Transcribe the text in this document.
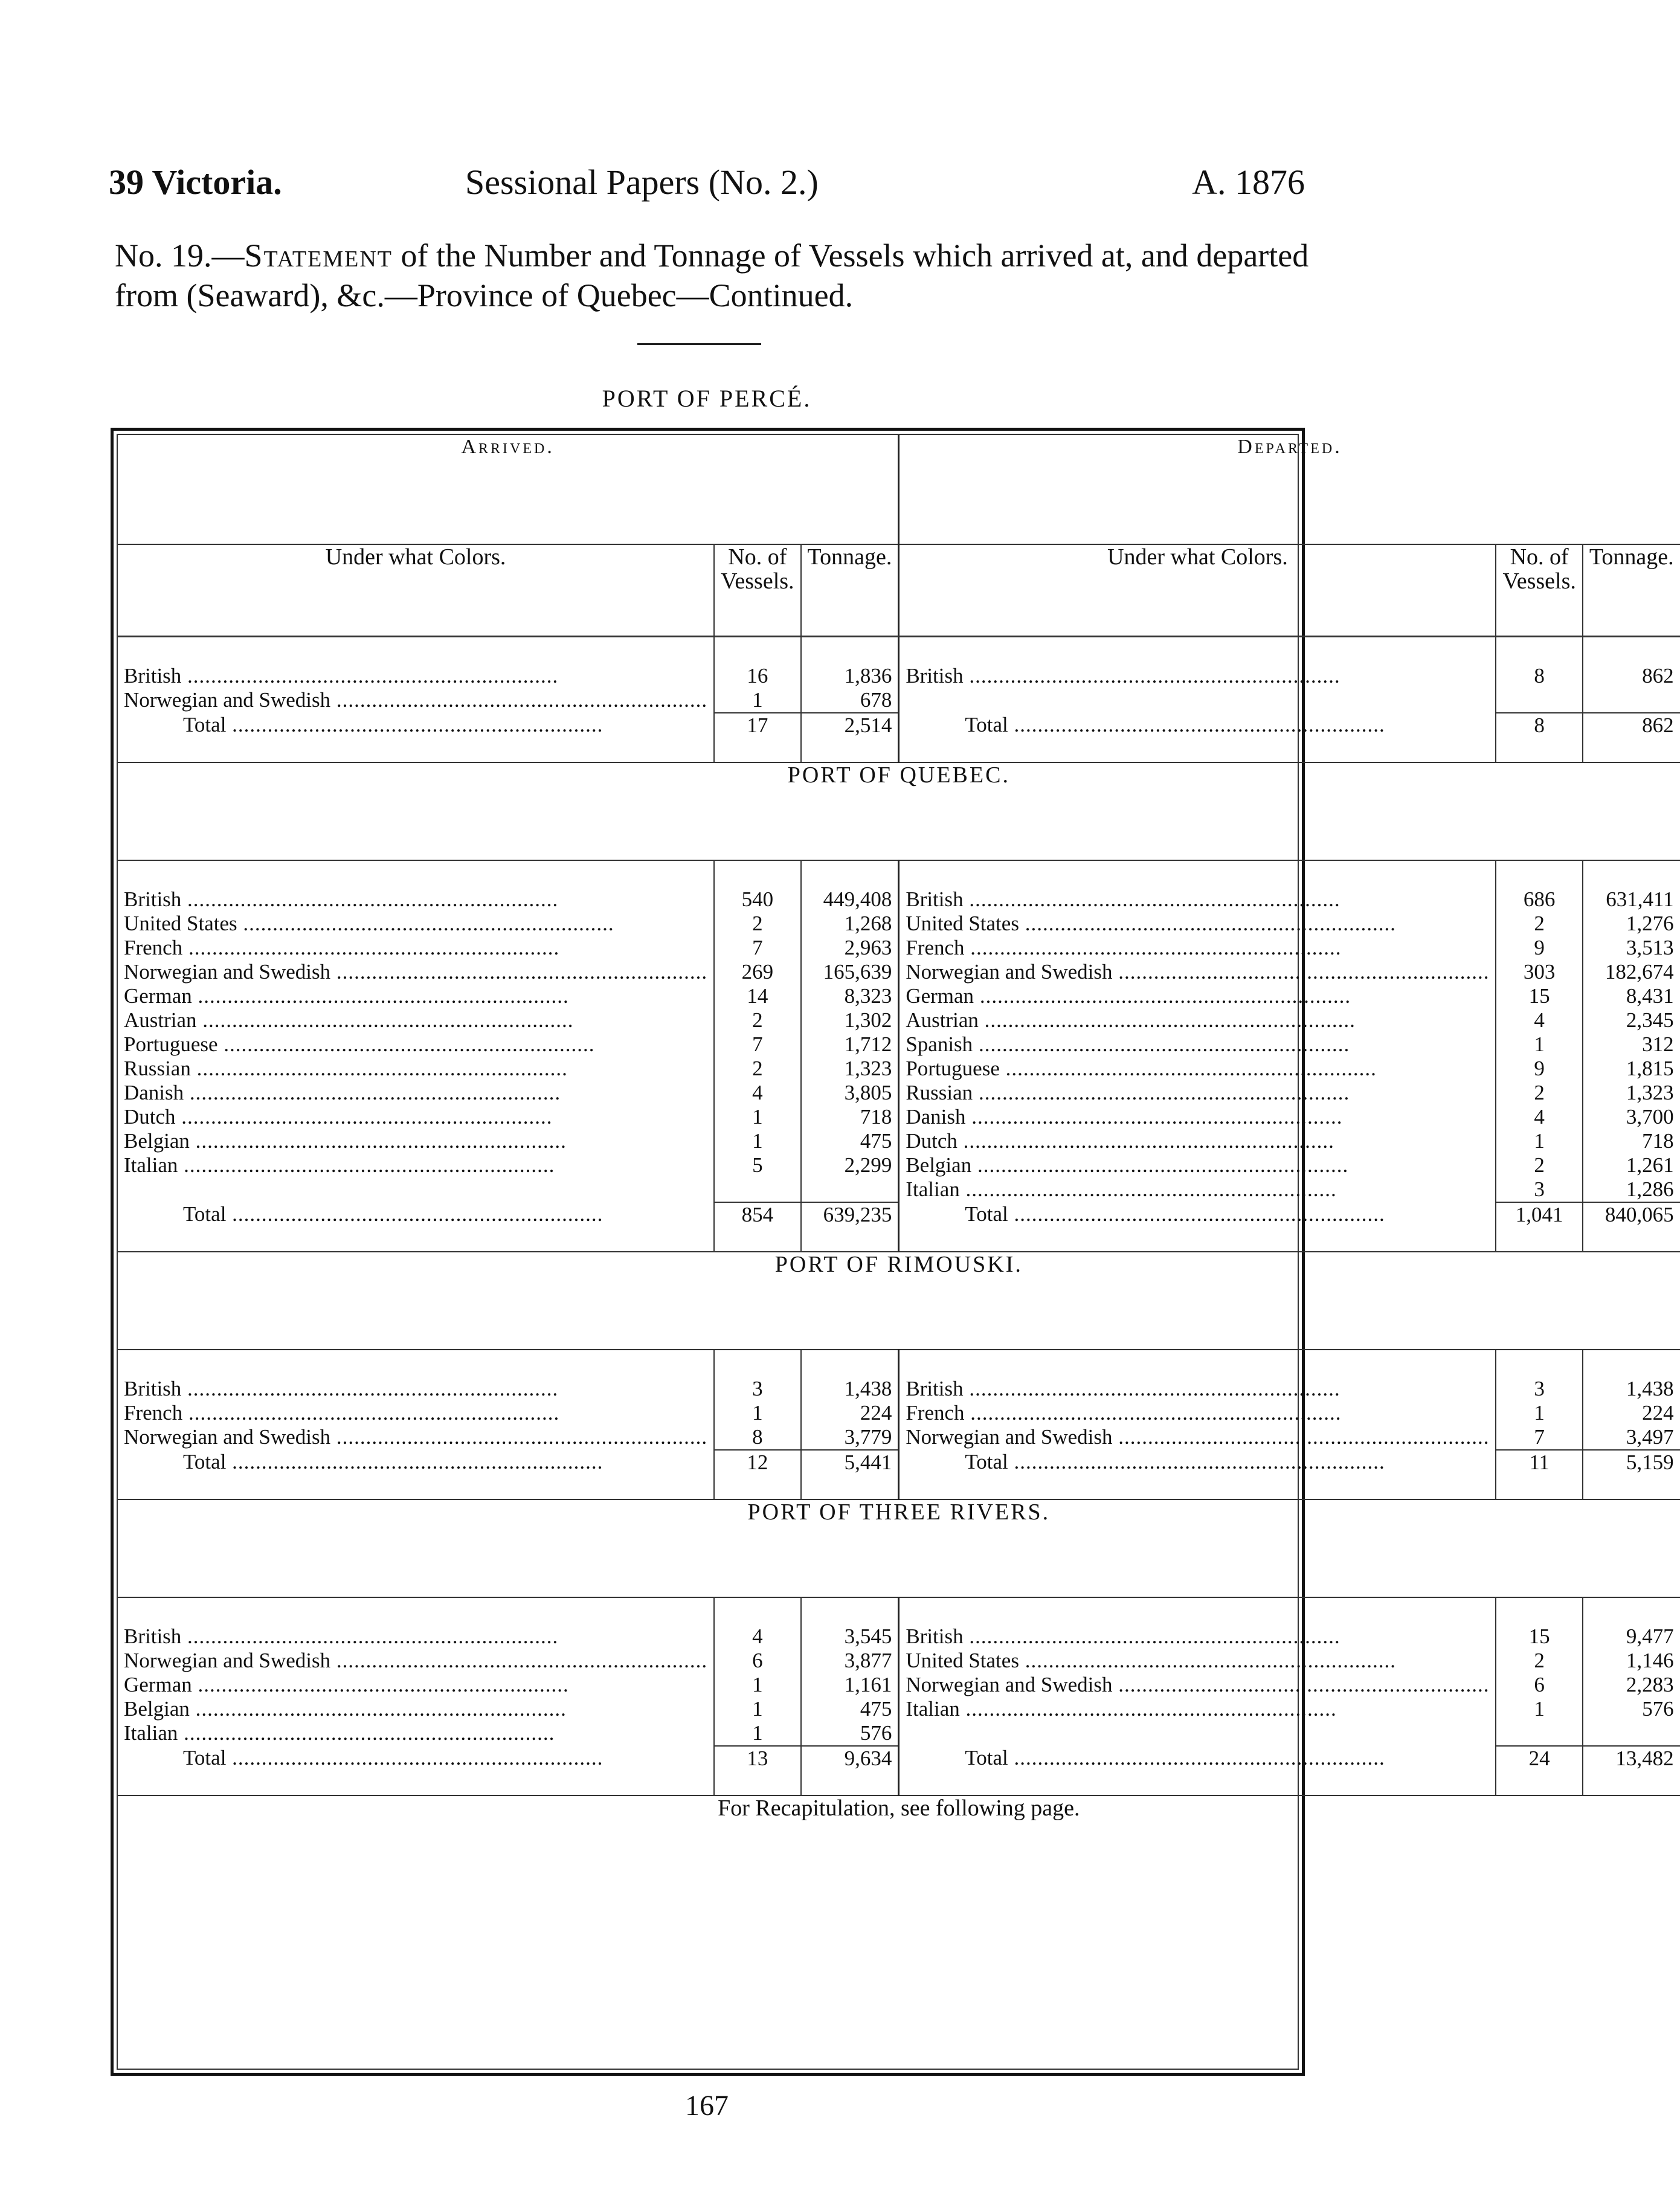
39 Victoria.	Sessional Papers (No. 2.)	A. 1876
No. 19.—Statement of the Number and Tonnage of Vessels which arrived at, and departed from (Seaward), &c.—Province of Quebec—Continued.
PORT OF PERCÉ.
Arrived.			Departed.		
Under what Colors.	No. of Vessels.	Tonnage.	Under what Colors.	No. of Vessels.	Tonnage.

British .....	16	1,836	British .....	8	862

Norwegian and Swedish .....	1	678			

Total .....	17	2,514	Total .....	8	862
PORT OF QUEBEC.					

British .....	540	449,408	British .....	686	631,411

United States .....	2	1,268	United States .....	2	1,276

French .....	7	2,963	French .....	9	3,513

Norwegian and Swedish .....	269	165,639	Norwegian and Swedish .....	303	182,674

German .....	14	8,323	German .....	15	8,431

Austrian .....	2	1,302	Austrian .....	4	2,345

Portuguese .....	7	1,712	Spanish .....	1	312

Russian .....	2	1,323	Portuguese .....	9	1,815

Danish .....	4	3,805	Russian .....	2	1,323

Dutch .....	1	718	Danish .....	4	3,700

Belgian .....	1	475	Dutch .....	1	718

Italian .....	5	2,299	Belgian .....	2	1,261

			Italian .....	3	1,286

Total .....	854	639,235	Total .....	1,041	840,065
PORT OF RIMOUSKI.					

British .....	3	1,438	British .....	3	1,438

French .....	1	224	French .....	1	224

Norwegian and Swedish .....	8	3,779	Norwegian and Swedish .....	7	3,497

Total .....	12	5,441	Total .....	11	5,159
PORT OF THREE RIVERS.					

British .....	4	3,545	British .....	15	9,477

Norwegian and Swedish .....	6	3,877	United States .....	2	1,146

German .....	1	1,161	Norwegian and Swedish .....	6	2,283

Belgian .....	1	475	Italian .....	1	576

Italian .....	1	576			

Total .....	13	9,634	Total .....	24	13,482
For Recapitulation, see following page.					
167
